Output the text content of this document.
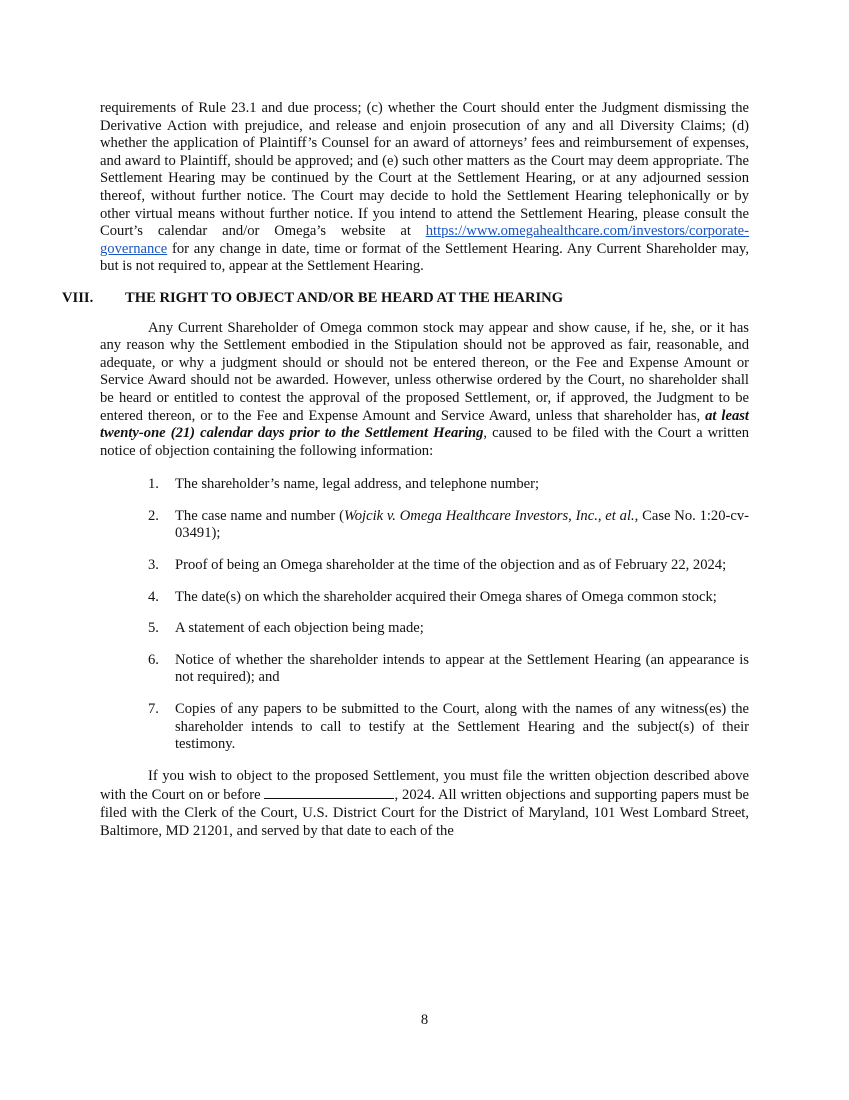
requirements of Rule 23.1 and due process; (c) whether the Court should enter the Judgment dismissing the Derivative Action with prejudice, and release and enjoin prosecution of any and all Diversity Claims; (d) whether the application of Plaintiff’s Counsel for an award of attorneys’ fees and reimbursement of expenses, and award to Plaintiff, should be approved; and (e) such other matters as the Court may deem appropriate. The Settlement Hearing may be continued by the Court at the Settlement Hearing, or at any adjourned session thereof, without further notice. The Court may decide to hold the Settlement Hearing telephonically or by other virtual means without further notice. If you intend to attend the Settlement Hearing, please consult the Court’s calendar and/or Omega’s website at https://www.omegahealthcare.com/investors/corporate-governance for any change in date, time or format of the Settlement Hearing. Any Current Shareholder may, but is not required to, appear at the Settlement Hearing.

VIII.	THE RIGHT TO OBJECT AND/OR BE HEARD AT THE HEARING

Any Current Shareholder of Omega common stock may appear and show cause, if he, she, or it has any reason why the Settlement embodied in the Stipulation should not be approved as fair, reasonable, and adequate, or why a judgment should or should not be entered thereon, or the Fee and Expense Amount or Service Award should not be awarded. However, unless otherwise ordered by the Court, no shareholder shall be heard or entitled to contest the approval of the proposed Settlement, or, if approved, the Judgment to be entered thereon, or to the Fee and Expense Amount and Service Award, unless that shareholder has, at least twenty-one (21) calendar days prior to the Settlement Hearing, caused to be filed with the Court a written notice of objection containing the following information:

1. The shareholder’s name, legal address, and telephone number;
2. The case name and number (Wojcik v. Omega Healthcare Investors, Inc., et al., Case No. 1:20-cv-03491);
3. Proof of being an Omega shareholder at the time of the objection and as of February 22, 2024;
4. The date(s) on which the shareholder acquired their Omega shares of Omega common stock;
5. A statement of each objection being made;
6. Notice of whether the shareholder intends to appear at the Settlement Hearing (an appearance is not required); and
7. Copies of any papers to be submitted to the Court, along with the names of any witness(es) the shareholder intends to call to testify at the Settlement Hearing and the subject(s) of their testimony.

If you wish to object to the proposed Settlement, you must file the written objection described above with the Court on or before	, 2024. All written objections and supporting papers must be filed with the Clerk of the Court, U.S. District Court for the District of Maryland, 101 West Lombard Street, Baltimore, MD 21201, and served by that date to each of the

8
